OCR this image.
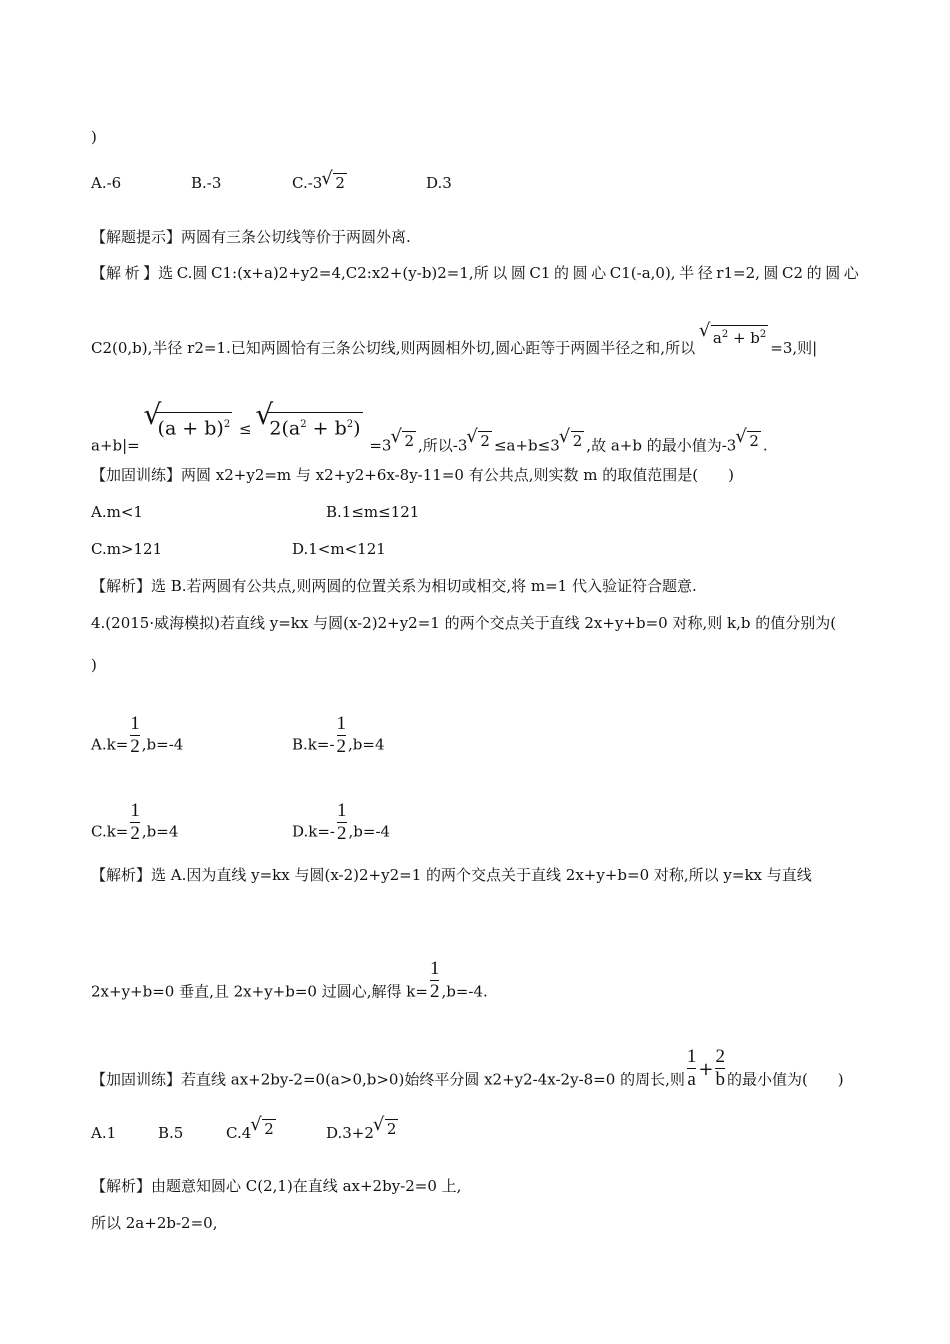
)
A.-6	B.-3	C.-3√ 2	D.3
【解题提示】两圆有三条公切线等价于两圆外离.
【解 析 】选 C.圆 C1:(x+a)2+y2=4,C2:x2+(y-b)2=1,所 以 圆 C1 的 圆 心 C1(-a,0), 半 径 r1=2, 圆 C2 的 圆 心
C2(0,b),半径 r2=1.已知两圆恰有三条公切线,则两圆相外切,圆心距等于两圆半径之和,所以 √ $a^2 + b^2=3$,则|
a+b|= √ $(a + b)^2$ ≤ √ $2(a^2 + b^2) =3√$ 2 ,所以-3√ 2 ≤a+b≤3√ 2 ,故 a+b 的最小值为-3√ 2 .
【加固训练】两圆 x2+y2=m 与 x2+y2+6x-8y-11=0 有公共点,则实数 m 的取值范围是(　　)
A.m<1	B.1≤m≤121
C.m>121	D.1<m<121
【解析】选 B.若两圆有公共点,则两圆的位置关系为相切或相交,将 m=1 代入验证符合题意.
4.(2015·威海模拟)若直线 y=kx 与圆(x-2)2+y2=1 的两个交点关于直线 2x+y+b=0 对称,则 k,b 的值分别为(
)
$A.k= \frac{1}{2} ,b=-4$	$B.k=- \frac{1}{2} ,b=4$
$C.k= \frac{1}{2} ,b=4$	$D.k=- \frac{1}{2} ,b=-4$
【解析】选 A.因为直线 y=kx 与圆(x-2)2+y2=1 的两个交点关于直线 2x+y+b=0 对称,所以 y=kx 与直线
2x+y+b=0 垂直,且 2x+y+b=0 过圆心,解得 $k= \frac{1}{2} ,b=-4$.
【加固训练】若直线 ax+2by-2=0(a>0,b>0)始终平分圆 x2+y2-4x-2y-8=0 的周长,则 $\frac{1}{a} + \frac{2}{b}$ 的最小值为(　　)
A.1	B.5	C.4√ 2	D.3+2√ 2
【解析】由题意知圆心 C(2,1)在直线 ax+2by-2=0 上,
所以 2a+2b-2=0,
